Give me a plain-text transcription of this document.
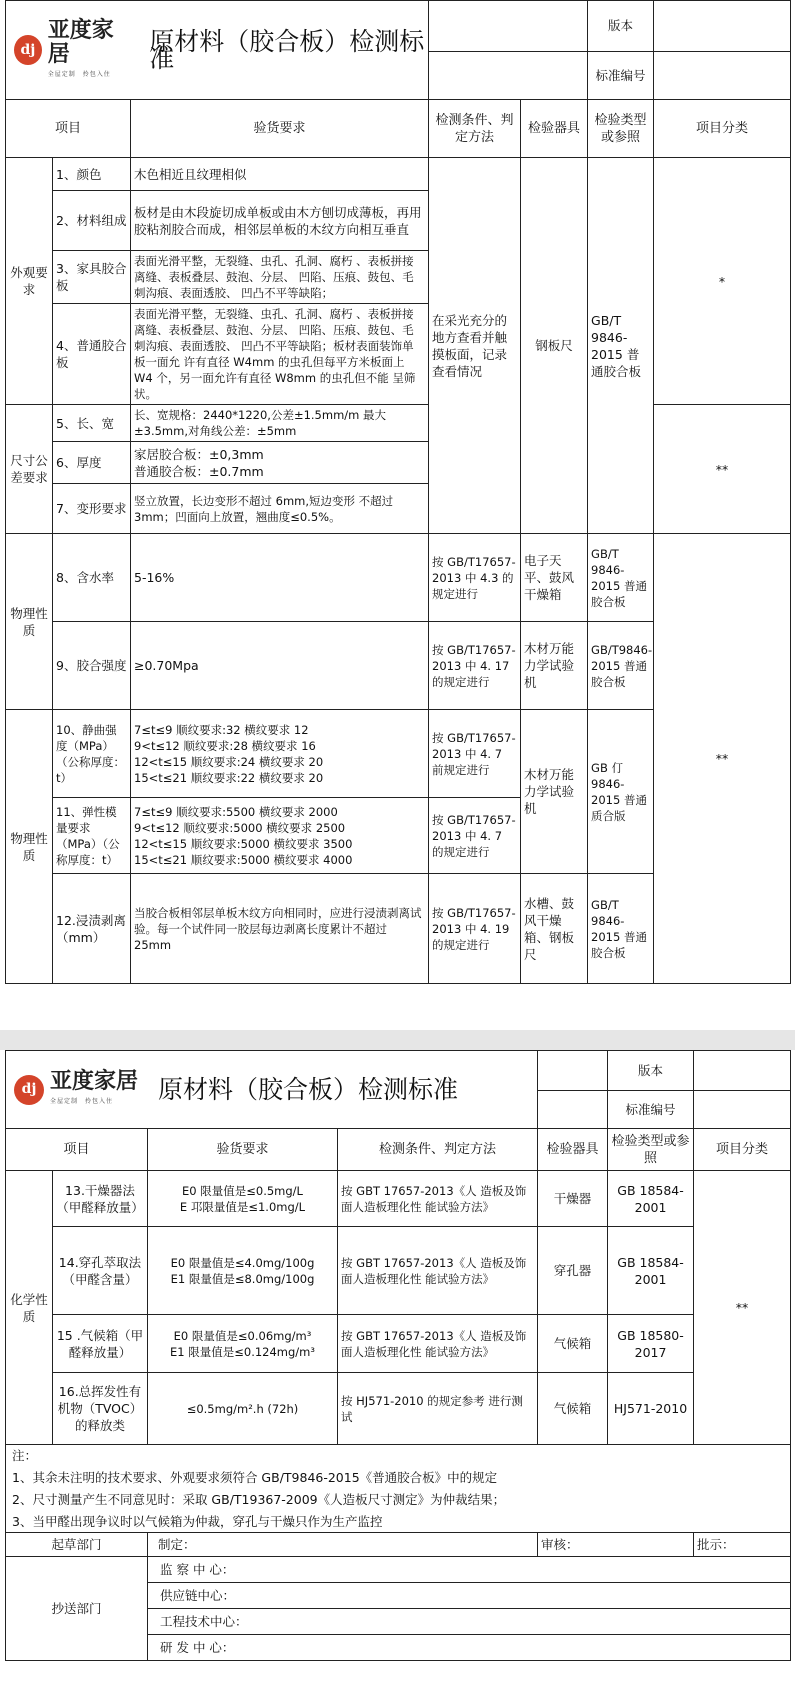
dj
亚度家居
全屋定制　拎包入住
原材料（胶合板）检测标准					版本	
					标准编号	
项目		验货要求	检测条件、判定方法	检验器具	检验类型或参照	项目分类
外观要求	1、颜色	木色相近且纹理相似	在采光充分的地方查看并触摸板面，记录查看情况	钢板尺	GB/T 9846-2015 普通胶合板	*
	2、材料组成	板材是由木段旋切成单板或由木方刨切成薄板，再用胶粘剂胶合而成，相邻层单板的木纹方向相互垂直				
	3、家具胶合板	表面光滑平整，无裂缝、虫孔、孔洞、腐朽 、表板拼接离缝、表板叠层、鼓泡、分层、 凹陷、压痕、鼓包、毛刺沟痕、表面透胶、 凹凸不平等缺陷；				
	4、普通胶合板	表面光滑平整，无裂缝、虫孔、孔洞、腐朽 、表板拼接离缝、表板叠层、鼓泡、分层、 凹陷、压痕、鼓包、毛刺沟痕、表面透胶、 凹凸不平等缺陷；板材表面装饰单板一面允 许有直径 W4mm 的虫孔但每平方米板面上 W4 个，另一面允许有直径 W8mm 的虫孔但不能 呈筛状。				
尺寸公差要求	5、长、宽	长、宽规格：2440*1220,公差±1.5mm/m 最大±3.5mm,对角线公差：±5mm				**
	6、厚度	家居胶合板：±0,3mm
普通胶合板：±0.7mm				

	7、变形要求	竖立放置，长边变形不超过 6mm,短边变形 不超过 3mm；凹面向上放置，翘曲度≤0.5%。				
物理性质	8、含水率	5-16%	按 GB/T17657-2013 中 4.3 的规定进行	电子天平、鼓风干燥箱	GB/T 9846-2015 普通胶合板	**
	9、胶合强度	≥0.70Mpa	按 GB/T17657-2013 中 4. 17 的规定进行	木材万能力学试验机	GB/T9846-2015 普通胶合板	
物理性质	10、静曲强度（MPa）（公称厚度：t）	7≤t≤9 顺纹要求:32 横纹要求 12
9<t≤12 顺纹要求:28 横纹要求 16
12<t≤15 顺纹要求:24 横纹要求 20
15<t≤21 顺纹要求:22 横纹要求 20	按 GB/T17657-2013 中 4. 7 前规定进行	木材万能力学试验机	GB 仃 9846-2015 普通质合版	
	11、弹性模量要求（MPa）（公称厚度：t）	7≤t≤9 顺纹要求:5500 横纹要求 2000
9<t≤12 顺纹要求:5000 横纹要求 2500
12<t≤15 顺纹要求:5000 横纹要求 3500
15<t≤21 顺纹要求:5000 横纹要求 4000	按 GB/T17657-2013 中 4. 7 的规定进行			
	12.浸渍剥离（mm）	当胶合板相邻层单板木纹方向相同时，应进行浸渍剥离试验。每一个试件同一胶层每边剥离长度累计不超过 25mm	按 GB/T17657-2013 中 4. 19 的规定进行	水槽、鼓风干燥箱、钢板尺	GB/T 9846-2015 普通胶合板	
dj 亚度家居
全屋定制　拎包入住 原材料（胶合板）检测标准					版本	
					标准编号	
项目		验货要求	检测条件、判定方法	检验器具	检验类型或参照	项目分类
化学性质	13.干燥器法（甲醛释放量）	E0 限量值是≤0.5mg/L
E 邛限量值是≤1.0mg/L	按 GBT 17657-2013《人 造板及饰面人造板理化性 能试验方法》	干燥器	GB 18584-2001	**
	14.穿孔萃取法（甲醛含量）	E0 限量值是≤4.0mg/100g
E1 限量值是≤8.0mg/100g	按 GBT 17657-2013《人 造板及饰面人造板理化性 能试验方法》	穿孔器	GB 18584-2001	
	15 .气候箱（甲醛释放量）	E0 限量值是≤0.06mg/m³
E1 限量值是≤0.124mg/m³	按 GBT 17657-2013《人 造板及饰面人造板理化性 能试验方法》	气候箱	GB 18580-2017	
	16.总挥发性有 机物（TVOC）的释放类	≤0.5mg/m².h (72h)	按 HJ571-2010 的规定参考 进行测试	气候箱	HJ571-2010	
注：						
1、其余未注明的技术要求、外观要求须符合 GB/T9846-2015《普通胶合板》中的规定						
2、尺寸测量产生不同意见时：采取 GB/T19367-2009《人造板尺寸测定》为仲裁结果；						
3、当甲醛出现争议时以气候箱为仲裁，穿孔与干燥只作为生产监控						
起草部门		制定：		审核：		批示：
抄送部门		监 察 中 心：				
		供应链中心：				
		工程技术中心：				
		研 发 中 心：				
